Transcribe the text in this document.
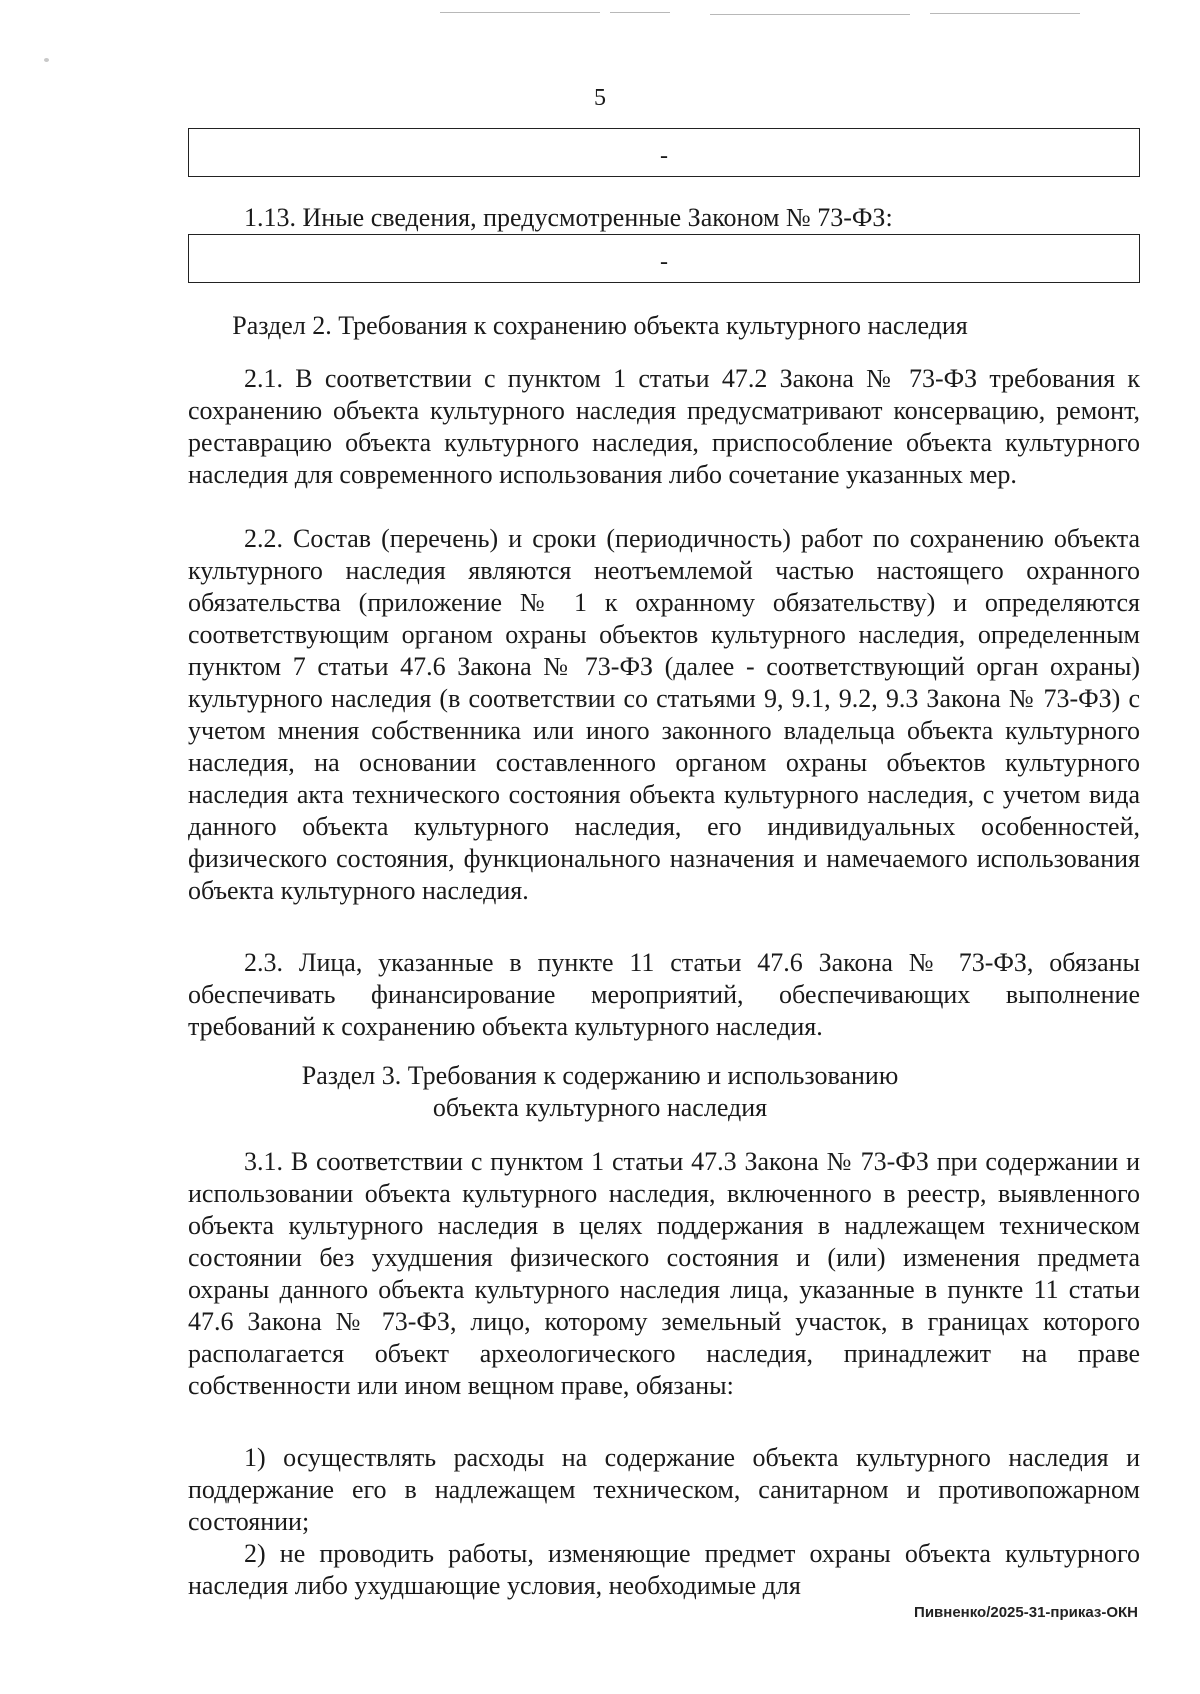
5
-
1.13. Иные сведения, предусмотренные Законом № 73-ФЗ:
-
Раздел 2. Требования к сохранению объекта культурного наследия

2.1. В соответствии с пунктом 1 статьи 47.2 Закона № 73-ФЗ требования к сохранению объекта культурного наследия предусматривают консервацию, ремонт, реставрацию объекта культурного наследия, приспособление объекта культурного наследия для современного использования либо сочетание указанных мер.

2.2. Состав (перечень) и сроки (периодичность) работ по сохранению объекта культурного наследия являются неотъемлемой частью настоящего охранного обязательства (приложение № 1 к охранному обязательству) и определяются соответствующим органом охраны объектов культурного наследия, определенным пунктом 7 статьи 47.6 Закона № 73-ФЗ (далее - соответствующий орган охраны) культурного наследия (в соответствии со статьями 9, 9.1, 9.2, 9.3 Закона № 73-ФЗ) с учетом мнения собственника или иного законного владельца объекта культурного наследия, на основании составленного органом охраны объектов культурного наследия акта технического состояния объекта культурного наследия, с учетом вида данного объекта культурного наследия, его индивидуальных особенностей, физического состояния, функционального назначения и намечаемого использования объекта культурного наследия.

2.3. Лица, указанные в пункте 11 статьи 47.6 Закона № 73-ФЗ, обязаны обеспечивать финансирование мероприятий, обеспечивающих выполнение требований к сохранению объекта культурного наследия.

Раздел 3. Требования к содержанию и использованию
объекта культурного наследия

3.1. В соответствии с пунктом 1 статьи 47.3 Закона № 73-ФЗ при содержании и использовании объекта культурного наследия, включенного в реестр, выявленного объекта культурного наследия в целях поддержания в надлежащем техническом состоянии без ухудшения физического состояния и (или) изменения предмета охраны данного объекта культурного наследия лица, указанные в пункте 11 статьи 47.6 Закона № 73-ФЗ, лицо, которому земельный участок, в границах которого располагается объект археологического наследия, принадлежит на праве собственности или ином вещном праве, обязаны:

1) осуществлять расходы на содержание объекта культурного наследия и поддержание его в надлежащем техническом, санитарном и противопожарном состоянии;

2) не проводить работы, изменяющие предмет охраны объекта культурного наследия либо ухудшающие условия, необходимые для

Пивненко/2025-31-приказ-ОКН
